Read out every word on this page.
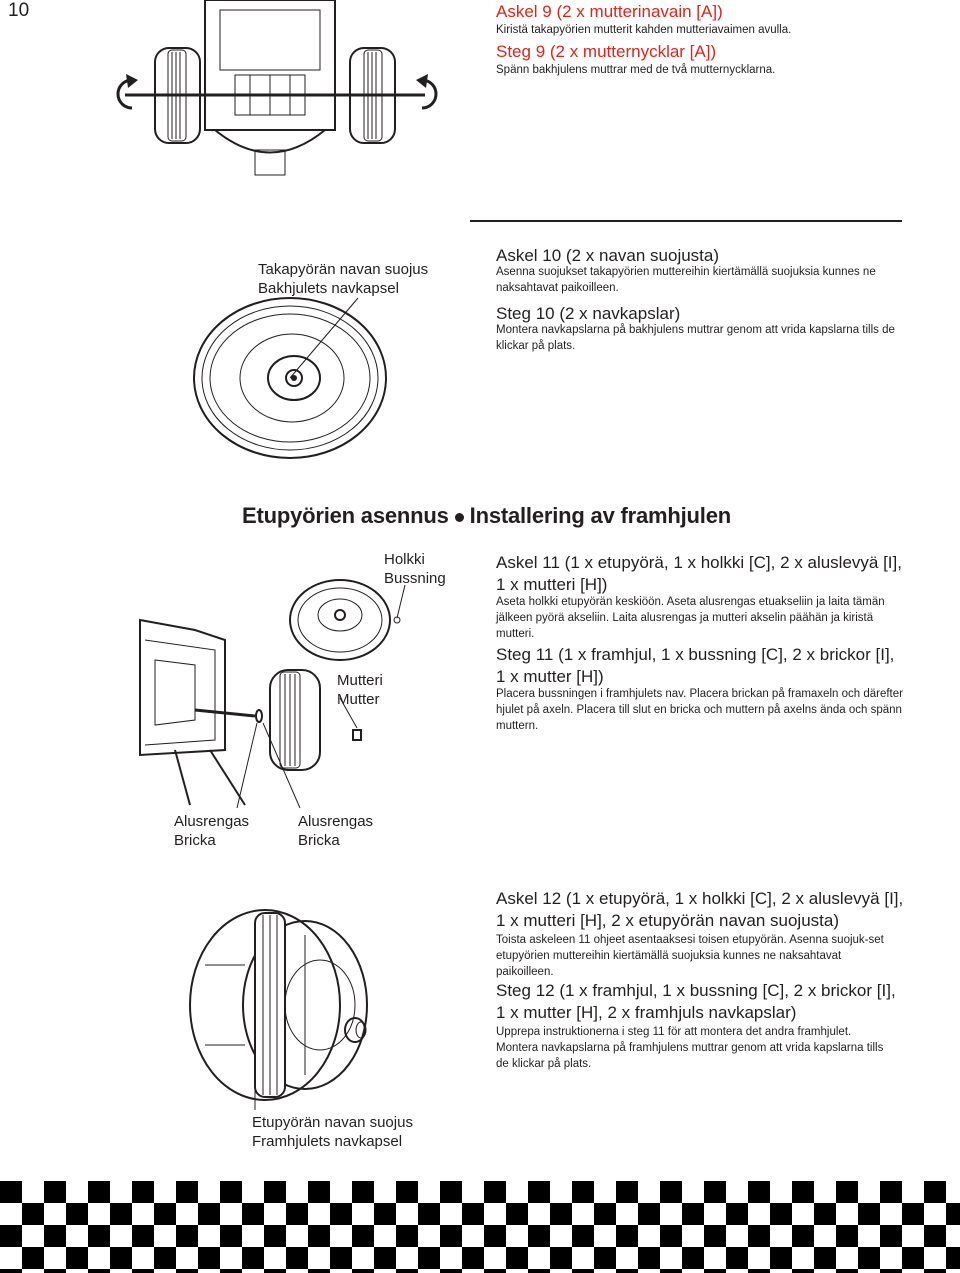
10	Askel 9 (2 x mutterinavain [A])
Kiristä takapyörien mutterit kahden mutteriavaimen avulla.
Steg 9 (2 x mutternycklar [A])
Spänn bakhjulens muttrar med de två mutternycklarna.
Takapyörän navan suojus
Bakhjulets navkapsel
Askel 10 (2 x navan suojusta)
Asenna suojukset takapyörien muttereihin kiertämällä suojuksia kunnes ne naksahtavat paikoilleen.
Steg 10 (2 x navkapslar)
Montera navkapslarna på bakhjulens muttrar genom att vrida kapslarna tills de klickar på plats.
Etupyörien asennus Installering av framhjulen
Holkki
Bussning
Mutteri
Mutter
Askel 11 (1 x etupyörä, 1 x holkki [C], 2 x aluslevyä [I], 1 x mutteri [H])
Aseta holkki etupyörän keskiöön. Aseta alusrengas etuakseliin ja laita tämän jälkeen pyörä akseliin. Laita alusrengas ja mutteri akselin päähän ja kiristä mutteri.
Steg 11 (1 x framhjul, 1 x bussning [C], 2 x brickor [I], 1 x mutter [H])
Placera bussningen i framhjulets nav. Placera brickan på framaxeln och därefter hjulet på axeln. Placera till slut en bricka och muttern på axelns ända och spänn muttern.
Alusrengas
Bricka
Alusrengas
Bricka
Askel 12 (1 x etupyörä, 1 x holkki [C], 2 x aluslevyä [I], 1 x mutteri [H], 2 x etupyörän navan suojusta)
Toista askeleen 11 ohjeet asentaaksesi toisen etupyörän. Asenna suojuk-set etupyörien muttereihin kiertämällä suojuksia kunnes ne naksahtavat paikoilleen.
Steg 12 (1 x framhjul, 1 x bussning [C], 2 x brickor [I], 1 x mutter [H], 2 x framhjuls navkapslar)
Upprepa instruktionerna i steg 11 för att montera det andra framhjulet. Montera navkapslarna på framhjulens muttrar genom att vrida kapslarna tills de klickar på plats.
Etupyörän navan suojus
Framhjulets navkapsel
